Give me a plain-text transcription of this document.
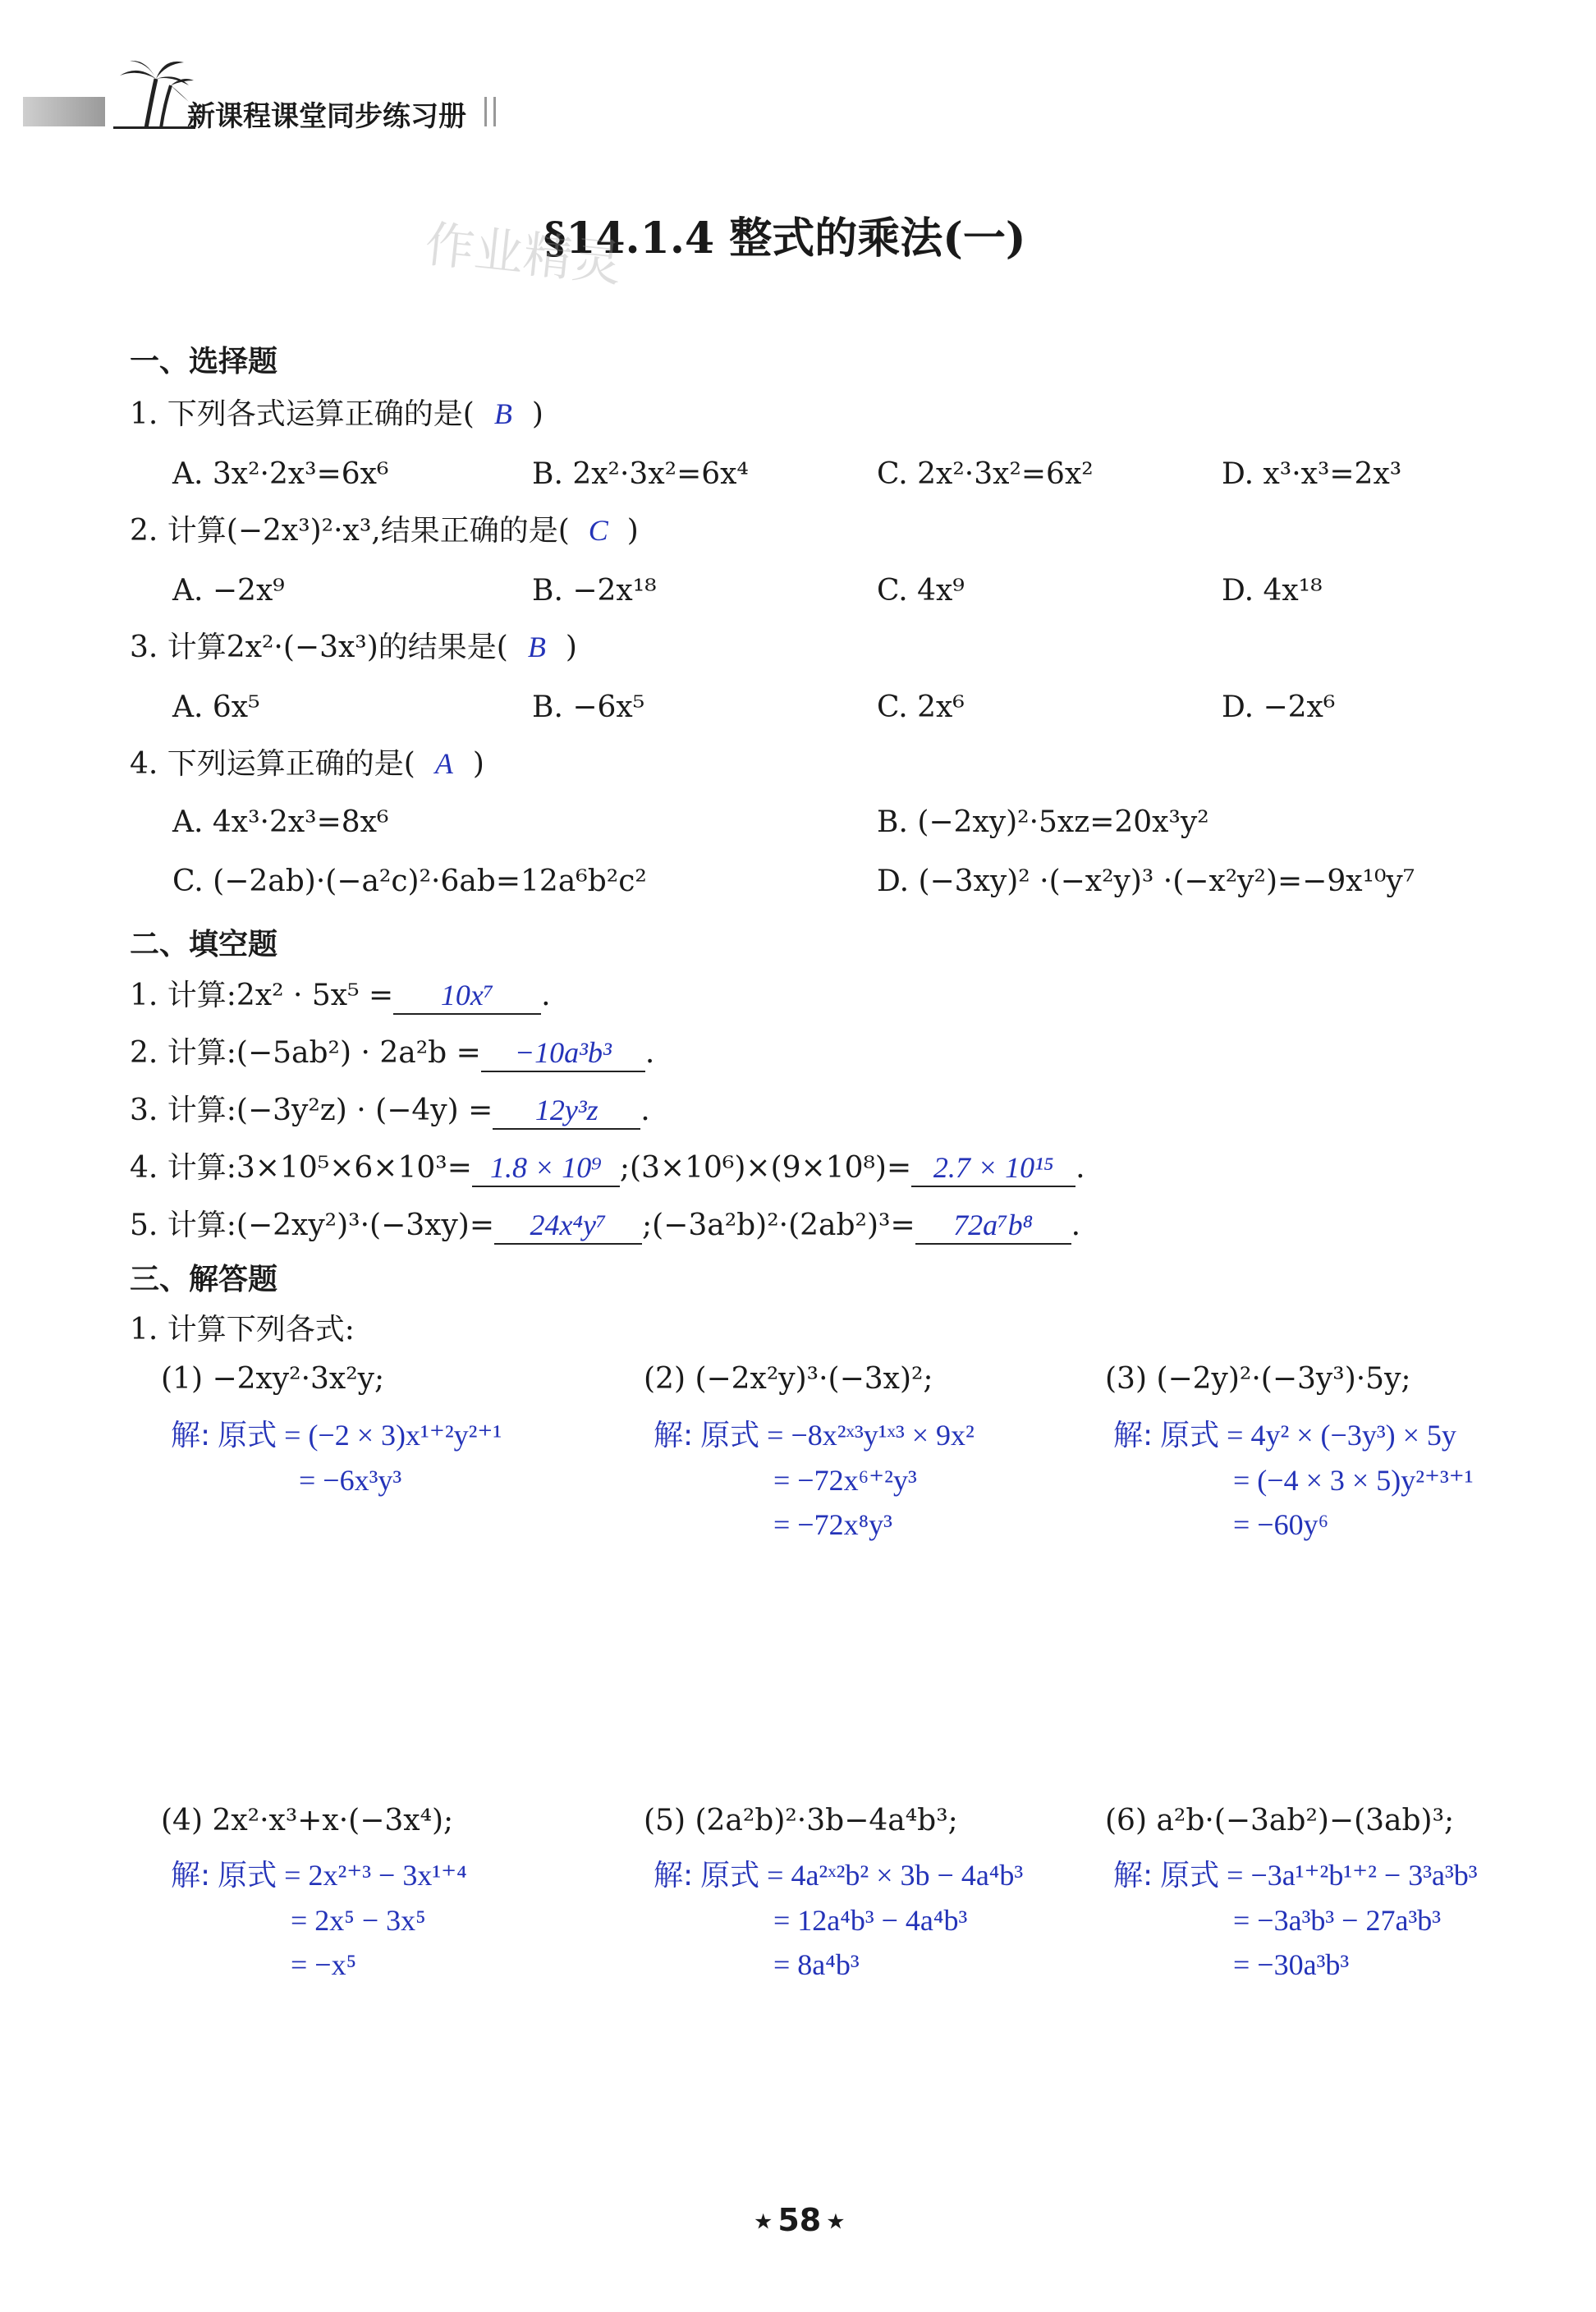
新课程课堂同步练习册
§14.1.4 整式的乘法(一)
作业精灵
一、选择题
1. 下列各式运算正确的是( B )
A. 3x²·2x³=6x⁶	B. 2x²·3x²=6x⁴	C. 2x²·3x²=6x²	D. x³·x³=2x³
2. 计算(−2x³)²·x³,结果正确的是( C )
A. −2x⁹	B. −2x¹⁸	C. 4x⁹	D. 4x¹⁸
3. 计算2x²·(−3x³)的结果是( B )
A. 6x⁵	B. −6x⁵	C. 2x⁶	D. −2x⁶
4. 下列运算正确的是( A )
A. 4x³·2x³=8x⁶	B. (−2xy)²·5xz=20x³y²
C. (−2ab)·(−a²c)²·6ab=12a⁶b²c²	D. (−3xy)² ·(−x²y)³ ·(−x²y²)=−9x¹⁰y⁷
二、填空题
1. 计算:2x² · 5x⁵ = 10x⁷ .
2. 计算:(−5ab²) · 2a²b = −10a³b³ .
3. 计算:(−3y²z) · (−4y) = 12y³z .
4. 计算:3×10⁵×6×10³= 1.8 × 10⁹ ;(3×10⁶)×(9×10⁸)= 2.7 × 10¹⁵ .
5. 计算:(−2xy²)³·(−3xy)= 24x⁴y⁷ ;(−3a²b)²·(2ab²)³= 72a⁷b⁸ .
三、解答题
1. 计算下列各式:
(1) −2xy²·3x²y;
解: 原式 = (−2 × 3)x¹⁺²y²⁺¹
= −6x³y³
(2) (−2x²y)³·(−3x)²;
解: 原式 = −8x²ˣ³y¹ˣ³ × 9x²
= −72x⁶⁺²y³
= −72x⁸y³
(3) (−2y)²·(−3y³)·5y;
解: 原式 = 4y² × (−3y³) × 5y
= (−4 × 3 × 5)y²⁺³⁺¹
= −60y⁶
(4) 2x²·x³+x·(−3x⁴);
解: 原式 = 2x²⁺³ − 3x¹⁺⁴
= 2x⁵ − 3x⁵
= −x⁵
(5) (2a²b)²·3b−4a⁴b³;
解: 原式 = 4a²ˣ²b² × 3b − 4a⁴b³
= 12a⁴b³ − 4a⁴b³
= 8a⁴b³
(6) a²b·(−3ab²)−(3ab)³;
解: 原式 = −3a¹⁺²b¹⁺² − 3³a³b³
= −3a³b³ − 27a³b³
= −30a³b³
★ 58 ★
